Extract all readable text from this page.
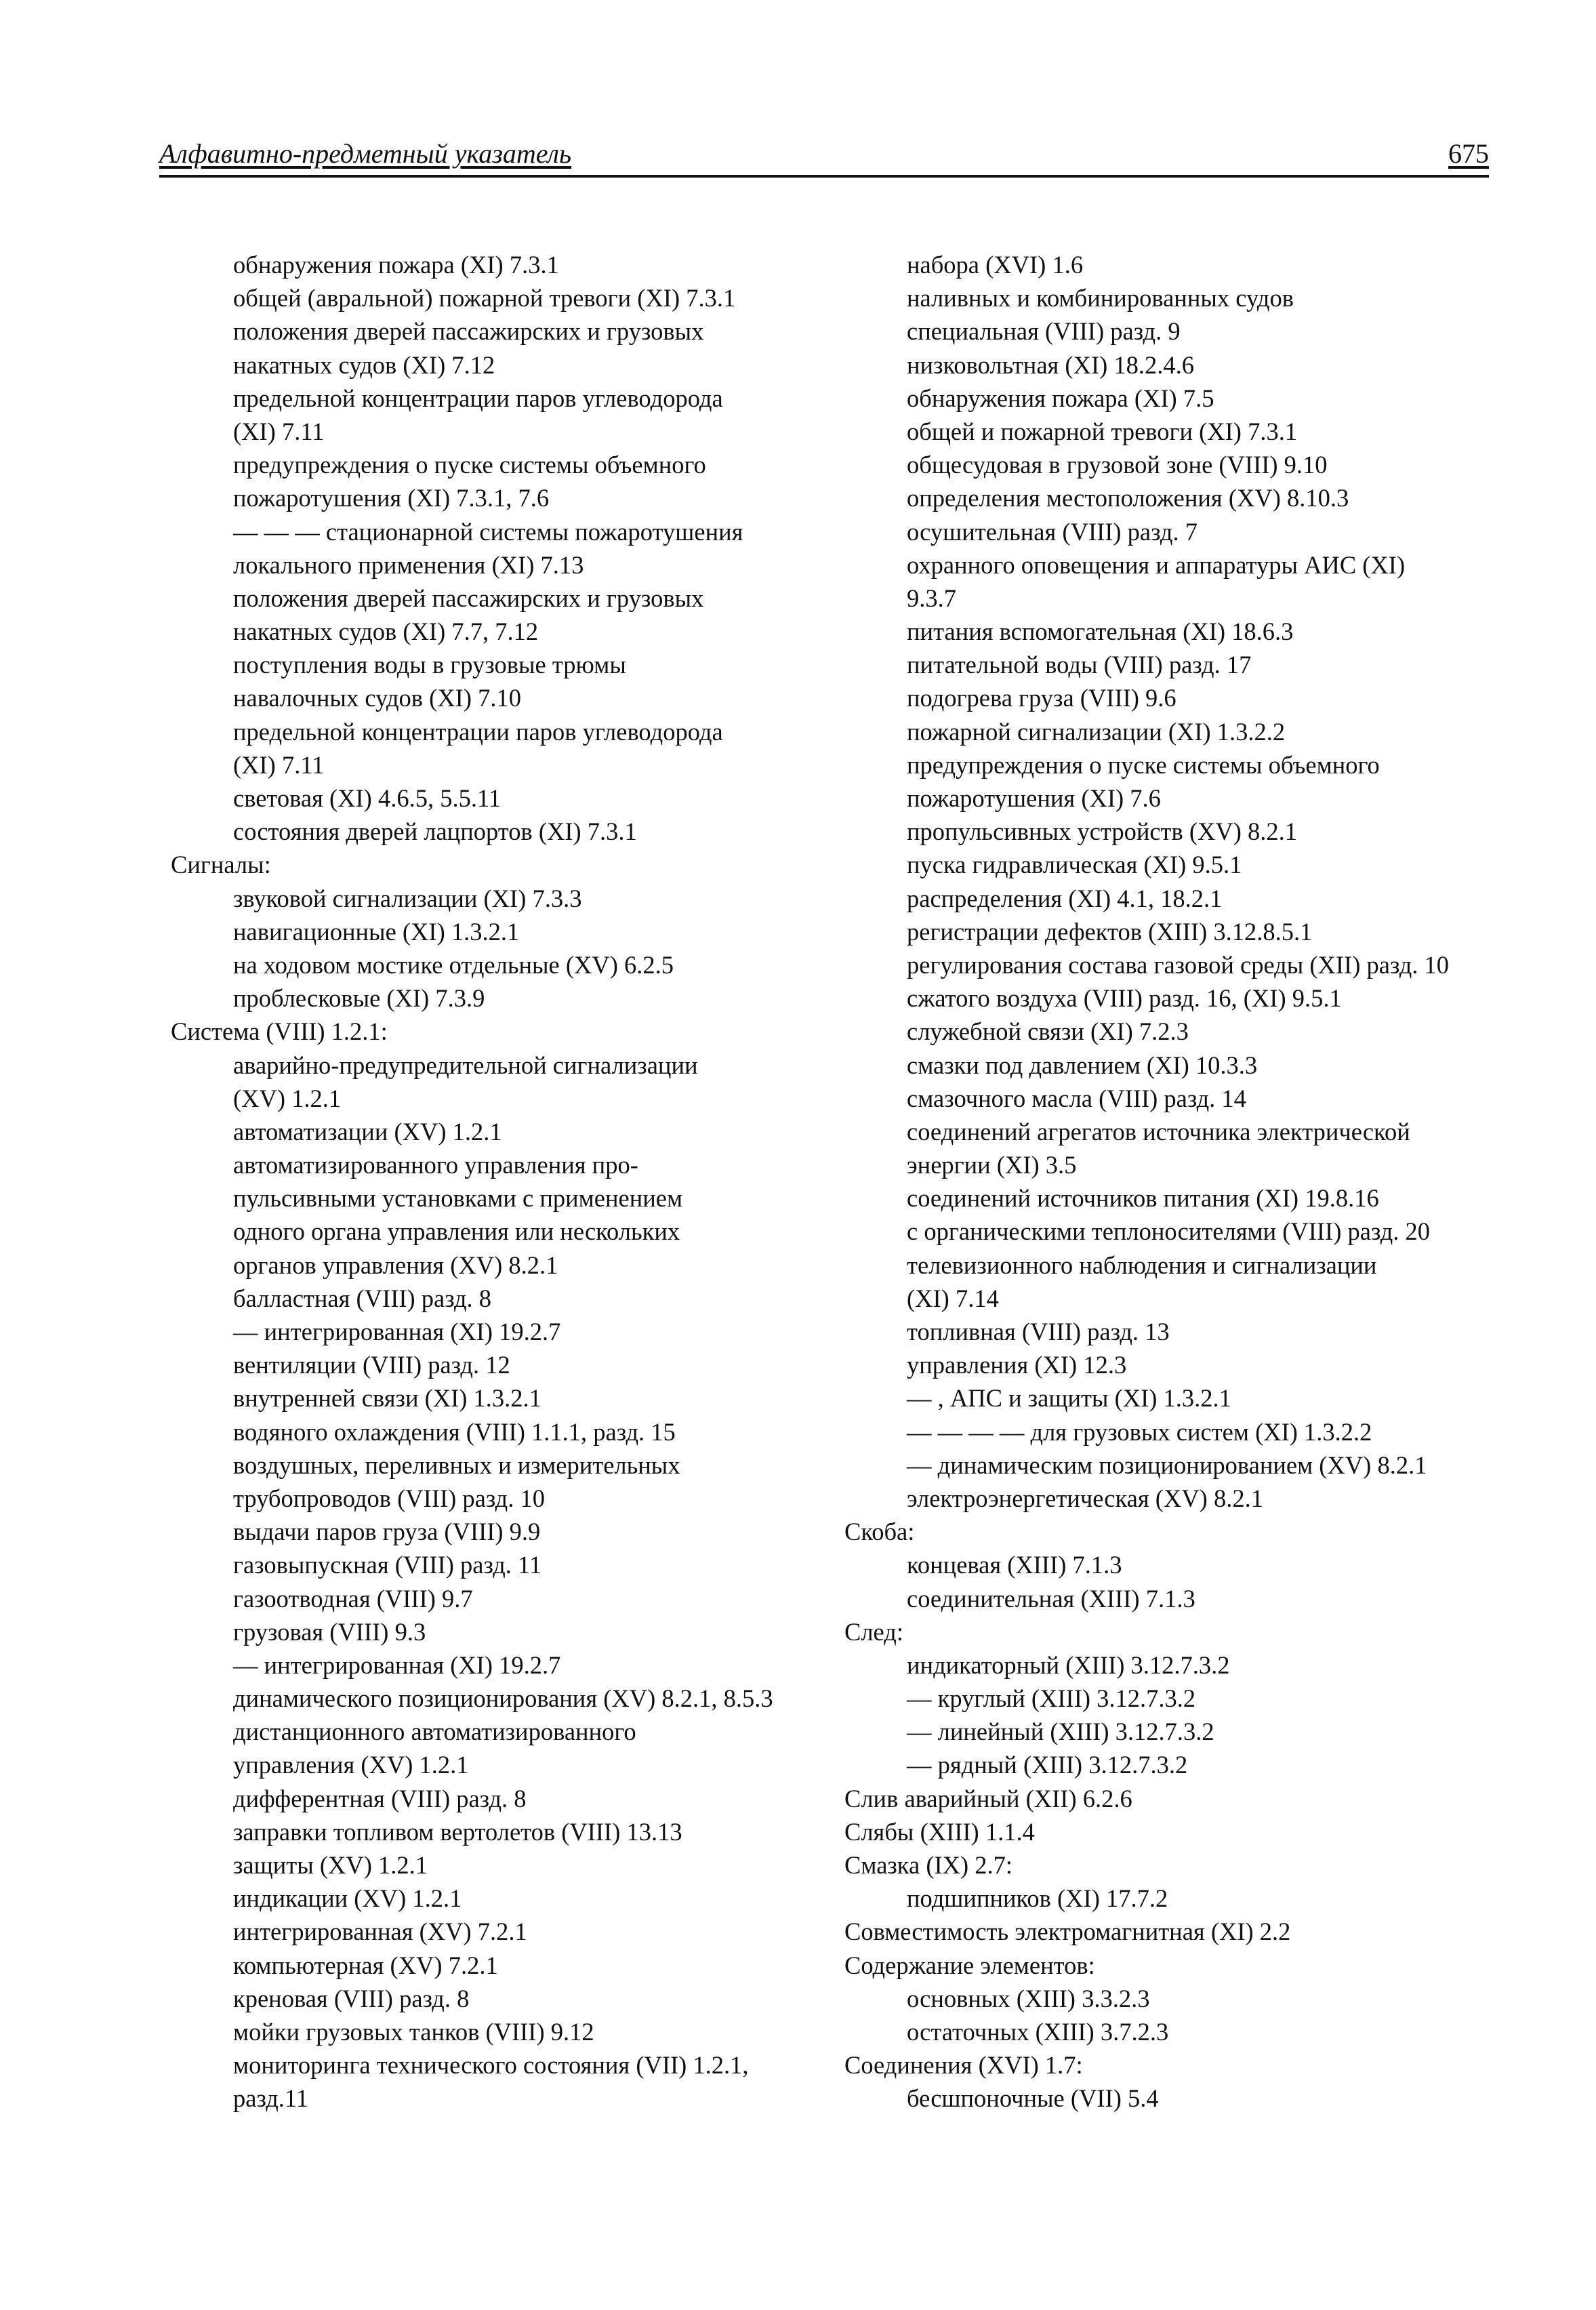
Алфавитно-предметный указатель	675
обнаружения пожара (XI) 7.3.1
общей (авральной) пожарной тревоги (XI) 7.3.1
положения дверей пассажирских и грузовых
накатных судов (XI) 7.12
предельной концентрации паров углеводорода
(XI) 7.11
предупреждения о пуске системы объемного
пожаротушения (XI) 7.3.1, 7.6
— — — стационарной системы пожаротушения
локального применения (XI) 7.13
положения дверей пассажирских и грузовых
накатных судов (XI) 7.7, 7.12
поступления воды в грузовые трюмы
навалочных судов (XI) 7.10
предельной концентрации паров углеводорода
(XI) 7.11
световая (XI) 4.6.5, 5.5.11
состояния дверей лацпортов (XI) 7.3.1
Сигналы:
звуковой сигнализации (XI) 7.3.3
навигационные (XI) 1.3.2.1
на ходовом мостике отдельные (XV) 6.2.5
проблесковые (XI) 7.3.9
Система (VIII) 1.2.1:
аварийно-предупредительной сигнализации
(XV) 1.2.1
автоматизации (XV) 1.2.1
автоматизированного управления про-
пульсивными установками с применением
одного органа управления или нескольких
органов управления (XV) 8.2.1
балластная (VIII) разд. 8
— интегрированная (XI) 19.2.7
вентиляции (VIII) разд. 12
внутренней связи (XI) 1.3.2.1
водяного охлаждения (VIII) 1.1.1, разд. 15
воздушных, переливных и измерительных
трубопроводов (VIII) разд. 10
выдачи паров груза (VIII) 9.9
газовыпускная (VIII) разд. 11
газоотводная (VIII) 9.7
грузовая (VIII) 9.3
— интегрированная (XI) 19.2.7
динамического позиционирования (XV) 8.2.1, 8.5.3
дистанционного автоматизированного
управления (XV) 1.2.1
дифферентная (VIII) разд. 8
заправки топливом вертолетов (VIII) 13.13
защиты (XV) 1.2.1
индикации (XV) 1.2.1
интегрированная (XV) 7.2.1
компьютерная (XV) 7.2.1
креновая (VIII) разд. 8
мойки грузовых танков (VIII) 9.12
мониторинга технического состояния (VII) 1.2.1,
разд.11
набора (XVI) 1.6
наливных и комбинированных судов
специальная (VIII) разд. 9
низковольтная (XI) 18.2.4.6
обнаружения пожара (XI) 7.5
общей и пожарной тревоги (XI) 7.3.1
общесудовая в грузовой зоне (VIII) 9.10
определения местоположения (XV) 8.10.3
осушительная (VIII) разд. 7
охранного оповещения и аппаратуры АИС (XI)
9.3.7
питания вспомогательная (XI) 18.6.3
питательной воды (VIII) разд. 17
подогрева груза (VIII) 9.6
пожарной сигнализации (XI) 1.3.2.2
предупреждения о пуске системы объемного
пожаротушения (XI) 7.6
пропульсивных устройств (XV) 8.2.1
пуска гидравлическая (XI) 9.5.1
распределения (XI) 4.1, 18.2.1
регистрации дефектов (XIII) 3.12.8.5.1
регулирования состава газовой среды (XII) разд. 10
сжатого воздуха (VIII) разд. 16, (XI) 9.5.1
служебной связи (XI) 7.2.3
смазки под давлением (XI) 10.3.3
смазочного масла (VIII) разд. 14
соединений агрегатов источника электрической
энергии (XI) 3.5
соединений источников питания (XI) 19.8.16
с органическими теплоносителями (VIII) разд. 20
телевизионного наблюдения и сигнализации
(XI) 7.14
топливная (VIII) разд. 13
управления (XI) 12.3
— , АПС и защиты (XI) 1.3.2.1
— — — — для грузовых систем (XI) 1.3.2.2
— динамическим позиционированием (XV) 8.2.1
электроэнергетическая (XV) 8.2.1
Скоба:
концевая (XIII) 7.1.3
соединительная (XIII) 7.1.3
След:
индикаторный (XIII) 3.12.7.3.2
— круглый (XIII) 3.12.7.3.2
— линейный (XIII) 3.12.7.3.2
— рядный (XIII) 3.12.7.3.2
Слив аварийный (XII) 6.2.6
Слябы (XIII) 1.1.4
Смазка (IX) 2.7:
подшипников (XI) 17.7.2
Совместимость электромагнитная (XI) 2.2
Содержание элементов:
основных (XIII) 3.3.2.3
остаточных (XIII) 3.7.2.3
Соединения (XVI) 1.7:
бесшпоночные (VII) 5.4
